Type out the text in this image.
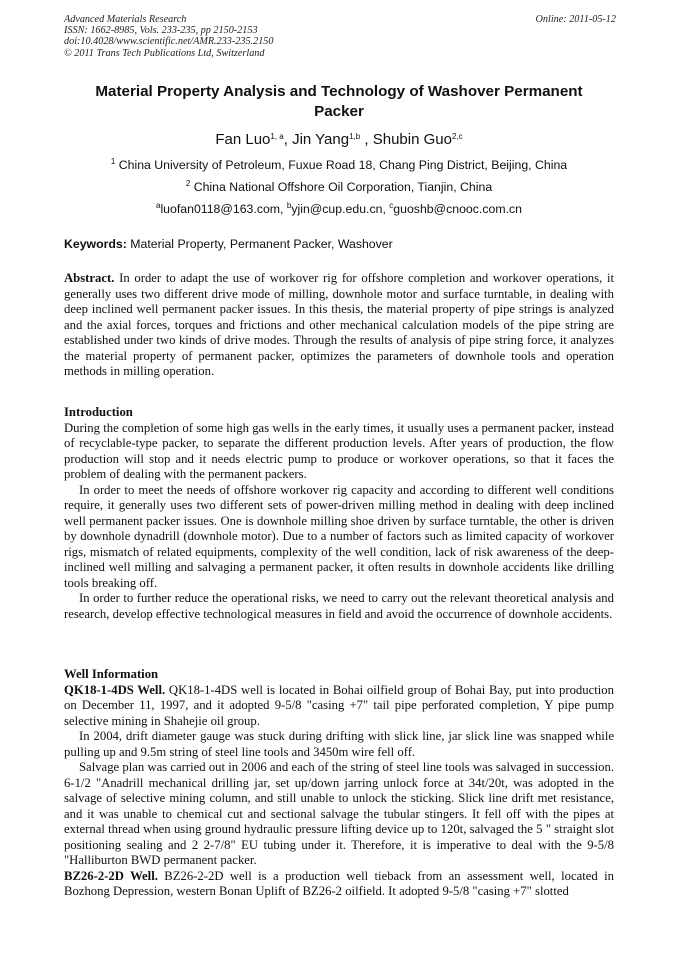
Advanced Materials Research
ISSN: 1662-8985, Vols. 233-235, pp 2150-2153
doi:10.4028/www.scientific.net/AMR.233-235.2150
© 2011 Trans Tech Publications Ltd, Switzerland
Online: 2011-05-12
Material Property Analysis and Technology of Washover Permanent Packer
Fan Luo$^{1, a}$, Jin Yang$^{1,b}$ , Shubin Guo$^{2,c}$
$^1$ China University of Petroleum, Fuxue Road 18, Chang Ping District, Beijing, China
$^2$ China National Offshore Oil Corporation, Tianjin, China
$^a$luofan0118@163.com, $^b$yjin@cup.edu.cn, $^c$guoshb@cnooc.com.cn
Keywords: Material Property, Permanent Packer, Washover

Abstract. In order to adapt the use of workover rig for offshore completion and workover operations, it generally uses two different drive mode of milling, downhole motor and surface turntable, in dealing with deep inclined well permanent packer issues. In this thesis, the material property of pipe strings is analyzed and the axial forces, torques and frictions and other mechanical calculation models of the pipe string are established under two kinds of drive modes. Through the results of analysis of pipe string force, it analyzes the material property of permanent packer, optimizes the parameters of downhole tools and operation methods in milling operation.

Introduction

During the completion of some high gas wells in the early times, it usually uses a permanent packer, instead of recyclable-type packer, to separate the different production levels. After years of production, the flow production will stop and it needs electric pump to produce or workover operations, so that it faces the problem of dealing with the permanent packers.

In order to meet the needs of offshore workover rig capacity and according to different well conditions require, it generally uses two different sets of power-driven milling method in dealing with deep inclined well permanent packer issues. One is downhole milling shoe driven by surface turntable, the other is driven by downhole dynadrill (downhole motor). Due to a number of factors such as limited capacity of workover rigs, mismatch of related equipments, complexity of the well condition, lack of risk awareness of the deep-inclined well milling and salvaging a permanent packer, it often results in downhole accidents like drilling tools breaking off.

In order to further reduce the operational risks, we need to carry out the relevant theoretical analysis and research, develop effective technological measures in field and avoid the occurrence of downhole accidents.

Well Information

QK18-1-4DS Well. QK18-1-4DS well is located in Bohai oilfield group of Bohai Bay, put into production on December 11, 1997, and it adopted 9-5/8 "casing +7" tail pipe perforated completion, Y pipe pump selective mining in Shahejie oil group.

In 2004, drift diameter gauge was stuck during drifting with slick line, jar slick line was snapped while pulling up and 9.5m string of steel line tools and 3450m wire fell off.

Salvage plan was carried out in 2006 and each of the string of steel line tools was salvaged in succession. 6-1/2 "Anadrill mechanical drilling jar, set up/down jarring unlock force at 34t/20t, was adopted in the salvage of selective mining column, and still unable to unlock the sticking. Slick line drift met resistance, and it was unable to chemical cut and sectional salvage the tubular stingers. It fell off with the pipes at external thread when using ground hydraulic pressure lifting device up to 120t, salvaged the 5 " straight slot positioning sealing and 2 2-7/8" EU tubing under it. Therefore, it is imperative to deal with the 9-5/8 "Halliburton BWD permanent packer.

BZ26-2-2D Well. BZ26-2-2D well is a production well tieback from an assessment well, located in Bozhong Depression, western Bonan Uplift of BZ26-2 oilfield. It adopted 9-5/8 "casing +7" slotted
